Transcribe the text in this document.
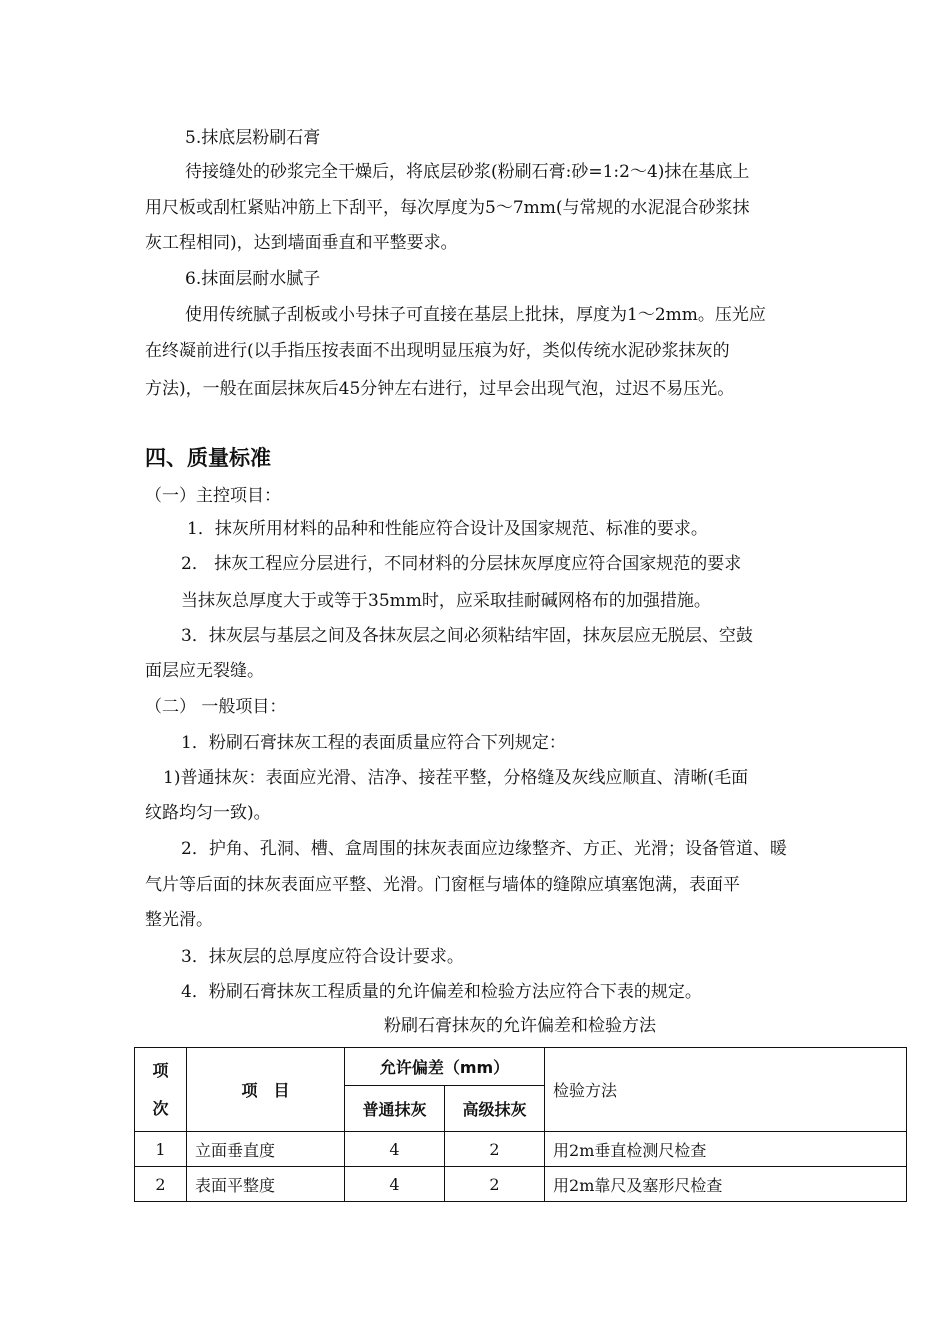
5.抹底层粉刷石膏
待接缝处的砂浆完全干燥后，将底层砂浆(粉刷石膏:砂=1:2～4)抹在基底上
用尺板或刮杠紧贴冲筋上下刮平，每次厚度为5～7mm(与常规的水泥混合砂浆抹
灰工程相同)，达到墙面垂直和平整要求。
6.抹面层耐水腻子
使用传统腻子刮板或小号抹子可直接在基层上批抹，厚度为1～2mm。压光应
在终凝前进行(以手指压按表面不出现明显压痕为好，类似传统水泥砂浆抹灰的
方法)，一般在面层抹灰后45分钟左右进行，过早会出现气泡，过迟不易压光。
四、质量标准
（一）主控项目：
1．抹灰所用材料的品种和性能应符合设计及国家规范、标准的要求。
2． 抹灰工程应分层进行，不同材料的分层抹灰厚度应符合国家规范的要求
当抹灰总厚度大于或等于35mm时，应采取挂耐碱网格布的加强措施。
3．抹灰层与基层之间及各抹灰层之间必须粘结牢固，抹灰层应无脱层、空鼓
面层应无裂缝。
（二） 一般项目：
1．粉刷石膏抹灰工程的表面质量应符合下列规定：
1)普通抹灰：表面应光滑、洁净、接茬平整，分格缝及灰线应顺直、清晰(毛面
纹路均匀一致)。
2．护角、孔洞、槽、盒周围的抹灰表面应边缘整齐、方正、光滑；设备管道、暖
气片等后面的抹灰表面应平整、光滑。门窗框与墙体的缝隙应填塞饱满，表面平
整光滑。
3．抹灰层的总厚度应符合设计要求。
4．粉刷石膏抹灰工程质量的允许偏差和检验方法应符合下表的规定。
粉刷石膏抹灰的允许偏差和检验方法
项
次	项　目	允许偏差（mm）		检验方法
		普通抹灰	高级抹灰	
1	立面垂直度	4	2	用2m垂直检测尺检查
2	表面平整度	4	2	用2m靠尺及塞形尺检查
